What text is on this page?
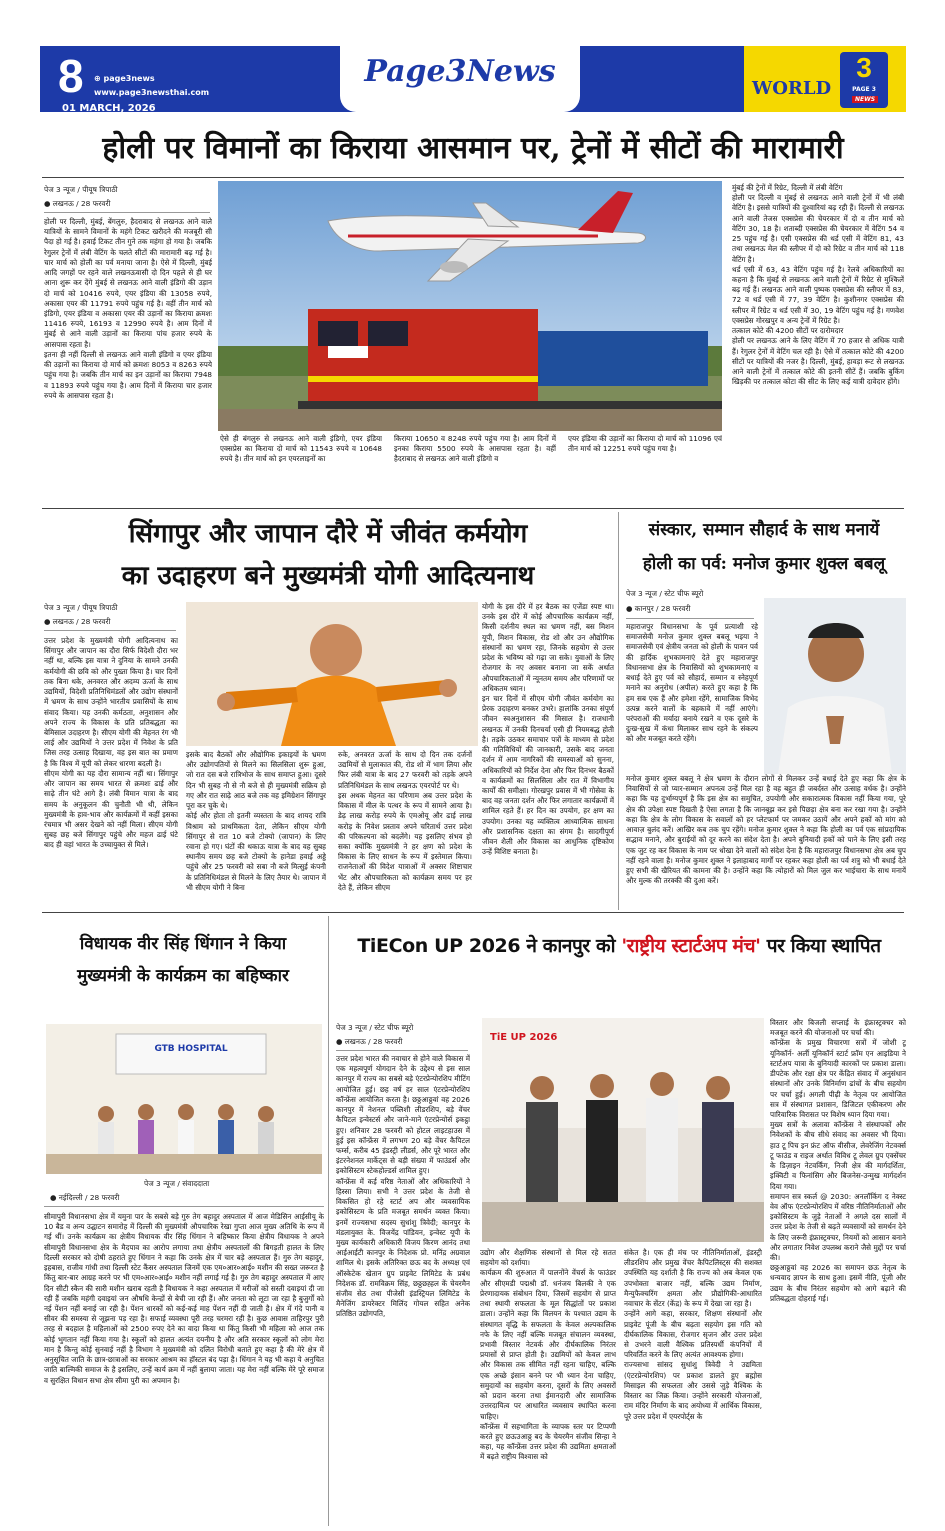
8 ⊕ page3news
www.page3newsthai.com
01 MARCH, 2026
Page3News	WORLD
3
PAGE 3
NEWS
होली पर विमानों का किराया आसमान पर, ट्रेनों में सीटों की मारामारी
पेज 3 न्यूज / पीयूष त्रिपाठी
● लखनऊ / 28 फरवरी
होली पर दिल्ली, मुंबई, बेंगलुरु, हैदराबाद से लखनऊ आने वाले यात्रियों के सामने विमानों के महंगे टिकट खरीदने की मजबूरी सी पैदा हो गई है। हवाई टिकट तीन गुने तक महंगा हो गया है। जबकि रेगुलर ट्रेनों में लंबी वेटिंग के चलते सीटों की मारामारी बढ़ गई है। चार मार्च को होली का पर्व मनाया जाना है। ऐसे में दिल्ली, मुंबई आदि जगहों पर रहने वाले लखनऊवासी दो दिन पहले से ही घर आना शुरू कर देंगे मुंबई से लखनऊ आने वाली इंडिगो की उड़ान दो मार्च को 10416 रुपये, एयर इंडिया की 13058 रुपये, अकासा एयर की 11791 रुपये पहुंच गई है। वहीं तीन मार्च को इंडिगो, एयर इंडिया व अकासा एयर की उड़ानों का किराया क्रमशः 11416 रुपये, 16193 व 12990 रुपये है। आम दिनों में मुंबई से आने वाली उड़ानों का किराया पांच हजार रुपये के आसपास रहता है।
इतना ही नहीं दिल्ली से लखनऊ आने वाली इंडिगो व एयर इंडिया की उड़ानों का किराया दो मार्च को क्रमशः 8053 व 8263 रुपये पहुंच गया है। जबकि तीन मार्च का इन उड़ानों का किराया 7948 व 11893 रुपये पहुंच गया है। आम दिनों में किराया चार हजार रुपये के आसपास रहता है।
ऐसे ही बंगलुरु से लखनऊ आने वाली इंडिगो, एयर इंडिया एक्सप्रेस का किराया दो मार्च को 11543 रुपये व 10648 रुपये है। तीन मार्च को इन एयरलाइनों का
किराया 10650 व 8248 रुपये पहुंच गया है। आम दिनों में इनका किराया 5500 रुपये के आसपास रहता है। वहीं हैदराबाद से लखनऊ आने वाली इंडिगो व
एयर इंडिया की उड़ानों का किराया दो मार्च को 11096 एवं तीन मार्च को 12251 रुपये पहुंच गया है।
मुंबई की ट्रेनों में रिग्रेट, दिल्ली में लंबी वेटिंग
होली पर दिल्ली व मुंबई से लखनऊ आने वाली ट्रेनों में भी लंबी वेटिंग है। इससे यात्रियों की दुश्वारियां बढ़ रही हैं। दिल्ली से लखनऊ आने वाली तेजस एक्सप्रेस की चेयरकार में दो व तीन मार्च को वेटिंग 30, 18 है। शताब्दी एक्सप्रेस की चेयरकार में वेटिंग 54 व 25 पहुंच गई है। एसी एक्सप्रेस की थर्ड एसी में वेटिंग 81, 43 तथा लखनऊ मेल की स्लीपर में दो को रिग्रेट व तीन मार्च को 118 वेटिंग है।
थर्ड एसी में 63, 43 वेटिंग पहुंच गई है। रेलवे अधिकारियों का कहना है कि मुंबई से लखनऊ आने वाली ट्रेनों में रिग्रेट से मुश्किलें बढ़ गई हैं। लखनऊ आने वाली पुष्पक एक्सप्रेस की स्लीपर में 83, 72 व थर्ड एसी में 77, 39 वेटिंग है। कुशीनगर एक्सप्रेस की स्लीपर में रिग्रेट व थर्ड एसी में 30, 19 वेटिंग पहुंच गई है। गणवेश एक्सप्रेस गोरखपुर व अन्य ट्रेनों में रिग्रेट है।
तत्काल कोटे की 4200 सीटों पर दारोमदार
होली पर लखनऊ आने के लिए वेटिंग में 70 हजार से अधिक यात्री हैं। रेगुलर ट्रेनों में वेटिंग चल रही है। ऐसे में तत्काल कोटे की 4200 सीटों पर यात्रियों की नजर है। दिल्ली, मुंबई, हावड़ा रूट से लखनऊ आने वाली ट्रेनों में तत्काल कोटे की इतनी सीटें हैं। जबकि बुकिंग खिड़की पर तत्काल कोटा की सीट के लिए कई यात्री दावेदार होंगे।
सिंगापुर और जापान दौरे में जीवंत कर्मयोग
का उदाहरण बने मुख्यमंत्री योगी आदित्यनाथ
पेज 3 न्यूज / पीयूष त्रिपाठी
● लखनऊ / 28 फरवरी
उत्तर प्रदेश के मुख्यमंत्री योगी आदित्यनाथ का सिंगापुर और जापान का दौरा सिर्फ विदेशी दौरा भर नहीं था, बल्कि इस यात्रा ने दुनिया के सामने उनकी कर्मयोगी की छवि को और पुख्ता किया है। चार दिनों तक बिना थके, अनवरत और अदम्य ऊर्जा के साथ उद्यमियों, विदेशी प्रतिनिधिमंडलों और उद्योग संस्थानों में भ्रमण के साथ उन्होंने भारतीय प्रवासियों के साथ संवाद किया। यह उनकी कर्मठता, अनुशासन और अपने राज्य के विकास के प्रति प्रतिबद्धता का बेमिसाल उदाहरण है। सीएम योगी की मेहनत रंग भी लाई और उद्यमियों ने उत्तर प्रदेश में निवेश के प्रति जिस तरह उत्साह दिखाया, वह इस बात का प्रमाण है कि विश्व में यूपी को लेकर धारणा बदली है।
सीएम योगी का यह दौरा सामान्य नहीं था। सिंगापुर और जापान का समय भारत से क्रमशः ढाई और साढ़े तीन घंटे आगे है। लंबी विमान यात्रा के बाद समय के अनुकूलन की चुनौती भी थी, लेकिन मुख्यमंत्री के हाव-भाव और कार्यक्रमों में कहीं इसका रंचमात्र भी असर देखने को नहीं मिला। सीएम योगी सुबह छह बजे सिंगापुर पहुंचे और महज ढाई घंटे बाद ही वहां भारत के उच्चायुक्त से मिले।
इसके बाद बैठकों और औद्योगिक इकाइयों के भ्रमण और उद्योगपतियों से मिलने का सिलसिला शुरू हुआ, जो रात दस बजे रात्रिभोज के साथ समाप्त हुआ। दूसरे दिन भी सुबह नौ से नौ बजे से ही मुख्यमंत्री सक्रिय हो गए और रात साढ़े आठ बजे तक वह इमिग्रेशन सिंगापुर पूरा कर चुके थे।
कोई और होता तो इतनी व्यस्तता के बाद शायद रात्रि विश्राम को प्राथमिकता देता, लेकिन सीएम योगी सिंगापुर से रात 10 बजे टोक्यो (जापान) के लिए रवाना हो गए। घंटों की थकाऊ यात्रा के बाद वह सुबह स्थानीय समय छह बजे टोक्यो के हानेडा हवाई अड्डे पहुंचे और 25 फरवरी को सबा नौ बजे मित्सुई कंपनी के प्रतिनिधिमंडल से मिलने के लिए तैयार थे। जापान में भी सीएम योगी ने बिना
रुके, अनवरत ऊर्जा के साथ दो दिन तक दर्जनों उद्यमियों से मुलाकात की, रोड शो में भाग लिया और फिर लंबी यात्रा के बाद 27 फरवरी को तड़के अपने प्रतिनिधिमंडल के साथ लखनऊ एयरपोर्ट पर थे।
इस अथक मेहनत का परिणाम अब उत्तर प्रदेश के विकास में मील के पत्थर के रूप में सामने आया है। डेढ़ लाख करोड़ रुपये के एमओयू और ढाई लाख करोड़ के निवेश प्रस्ताव अपने चरितार्थ उत्तर प्रदेश की परिकल्पना को बदलेंगे। यह इसलिए संभव हो सका क्योंकि मुख्यमंत्री ने हर क्षण को प्रदेश के विकास के लिए साधन के रूप में इस्तेमाल किया। राजनेताओं की विदेश यात्राओं में अक्सर शिष्टाचार भेंट और औपचारिकता को कार्यक्रम समय पर हर देते हैं, लेकिन सीएम
योगी के इस दौरे में हर बैठक का एजेंडा स्पष्ट था। उनके इस दौरे में कोई औपचारिक कार्यक्रम नहीं, किसी दर्शनीय स्थल का भ्रमण नहीं, बस मिशन यूपी, मिशन विकास, रोड शो और उन औद्योगिक संस्थानों का भ्रमण रहा, जिनके सहयोग से उत्तर प्रदेश के भविष्य को गढ़ा जा सके। युवाओं के लिए रोजगार के नए अवसर बनाना जा सकें अर्थात औपचारिकताओं में न्यूनतम समय और परिणामों पर अधिकतम ध्यान।
इन चार दिनों में सीएम योगी जीवंत कर्मयोग का प्रेरक उदाहरण बनकर उभरे। हालांकि उनका संपूर्ण जीवन स्वअनुशासन की मिसाल है। राजधानी लखनऊ में उनकी दिनचर्या एसी ही नियमबद्ध होती है। तड़के उठकर समाचार पत्रों के माध्यम से प्रदेश की गतिविधियों की जानकारी, उसके बाद जनता दर्शन में आम नागरिकों की समस्याओं को सुनना, अधिकारियों को निर्देश देना और फिर दिनभर बैठकों व कार्यक्रमों का सिलसिला और रात में विभागीय कार्यों की समीक्षा। गोरखपुर प्रवास में भी गोसेवा के बाद वह जनता दर्शन और फिर लगातार कार्यक्रमों में शामिल रहते हैं। हर दिन का उपयोग, हर क्षण का उपयोग। उनका यह व्यक्तित्व आध्यात्मिक साधना और प्रशासनिक दक्षता का संगम है। सादगीपूर्ण जीवन शैली और विकास का आधुनिक दृष्टिकोण उन्हें विशिष्ट बनाता है।
संस्कार, सम्मान सौहार्द के साथ मनायें
होली का पर्व: मनोज कुमार शुक्ल बबलू
पेज 3 न्यूज / स्टेट चीफ ब्यूरो
● कानपुर / 28 फरवरी
महाराजपुर विधानसभा के पूर्व प्रत्याशी रहे समाजसेवी मनोज कुमार शुक्ल बबलू भइया ने समाजसेवी एवं क्षेत्रीय जनता को होली के पावन पर्व की हार्दिक शुभकामनाएं देते हुए महाराजपुर विधानसभा क्षेत्र के निवासियों को शुभकामनाएं व बधाई देते हुए पर्व को सौहार्द, सम्मान व स्नेहपूर्ण मनाने का अनुरोध (अपील) करते हुए कहा है कि हम सब एक हैं और हमेशा रहेंगे, सामाजिक विभेद उत्पन्न करने वालों के बहकावे में नहीं आएंगे। परंपराओं की मर्यादा बनाये रखने व एक दूसरे के दुःख-सुख में कंधा मिलाकर साथ रहने के संकल्प को और मजबूत करते रहेंगे।
मनोज कुमार शुक्ल बबलू ने क्षेत्र भ्रमण के दौरान लोगों से मिलकर उन्हें बधाई देते हुए कहा कि क्षेत्र के निवासियों से जो प्यार-सम्मान अपनत्व उन्हें मिल रहा है वह बहुत ही जबर्दस्त और उत्साह वर्धक है। उन्होंने कहा कि यह दुर्भाग्यपूर्ण है कि इस क्षेत्र का समुचित, उपयोगी और सकारात्मक विकास नहीं किया गया, पूरे क्षेत्र की उपेक्षा स्पष्ट दिखती है ऐसा लगता है कि जानबूझ कर इसे पिछड़ा क्षेत्र बना कर रखा गया है। उन्होंने कहा कि क्षेत्र के लोग विकास के सवालों को हर प्लेटफार्म पर जमकर उठायें और अपने हकों को मांग को आवाज़ बुलंद करें। आखिर कब तक चुप रहेंगे। मनोज कुमार शुक्ल ने कहा कि होली का पर्व एक सांप्रदायिक सद्भाव मनाने, और बुराईयों को दूर करने का संदेश देता है। अपने बुनियादी हकों को पाने के लिए इसी तरह एक जुट रह कर विकास के नाम पर धोखा देने वालों को संदेश देना है कि महाराजपुर विधानसभा क्षेत्र अब चुप नहीं रहने वाला है। मनोज कुमार शुक्ल ने इलाहाबाद मार्गों पर रहकर कहा होली का पर्व शत्रु को भी बधाई देते हुए सभी की खैरियत की कामना की है। उन्होंने कहा कि त्योहारों को मिल जुल कर भाईचारा के साथ मनायें और मुल्क की तरक्की की दुआ करें।
विधायक वीर सिंह धिंगान ने किया
मुख्यमंत्री के कार्यक्रम का बहिष्कार
GTB HOSPITAL
पेज 3 न्यूज / संवाददाता
● नईदिल्ली / 28 फरवरी
सीमापुरी विधानसभा क्षेत्र में यमुना पार के सबसे बड़े गुरु तेग बहादुर अस्पताल में आज मेडिसिन आईसीयू के 10 बैड व अन्य उद्घाटन समारोह में दिल्ली की मुख्यमंत्री औपचारिक रेखा गुप्ता आज मुख्य अतिथि के रूप में गई थीं। उनके कार्यक्रम का क्षेत्रीय विधायक वीर सिंह धिंगान ने बहिष्कार किया क्षेत्रीय विधायक ने अपने सीमापुरी विधानसभा क्षेत्र के मैदपाव का आरोप लगाया तथा क्षेत्रीय अस्पतालों की बिगड़ती हालत के लिए दिल्ली सरकार को दोषी ठहराते हुए धिंगान ने कहा कि उनके क्षेत्र में चार बड़े अस्पताल हैं। गुरु तेग बहादुर, इहबास, राजीव गांधी तथा दिल्ली स्टेट कैंसर अस्पताल जिनमें एक एम०आर०आई० मशीन की सख्त जरूरत है किंतु बार-बार आग्रह करने पर भी एम०आर०आई० मशीन नहीं लगाई गई है। गुरु तेग बहादुर अस्पताल में आए दिन सीटी स्कैन की सारी मशीन खराब रहती है विधायक ने कहा अस्पताल में मरीजों को सस्ती दवाइयां दी जा रही हैं जबकि महंगी दवाइयां जन औषधि केन्द्रों से बेची जा रही हैं। और जनता को लूटा जा रहा है बुजुर्गों को नई पेंशन नहीं बनाई जा रही है। पेंशन धारकों को कई-कई माह पेंशन नहीं दी जाती है। क्षेत्र में गंदे पानी व सीवर की समस्या से जूझना पड़ रहा है। सफाई व्यवस्था पूरी तरह चरमरा रही है। कुछ आवास ताहिरपुर पुरी तरह से बदहाल है महिलाओं को 2500 रुपए देने का वादा किया था किंतु किसी भी महिला को आज तक कोई भुगतान नहीं किया गया है। स्कूलों को हालत अत्यंत दयनीय है और अति सरकार स्कूलों को लोग मेरा मान है किन्तु कोई सुनवाई नहीं है विभाग ने मुख्यमंत्री को दलित विरोधी बताते हुए कहा है की मेरे क्षेत्र में अनुसूचित जाति के छात्र-छात्राओं का सरकार आश्रम का हॉस्टल बंद पड़ा है। धिंगान ने यह भी कहा ये अनुचित जाति बाल्मिकी समाज के है इसलिए, उन्हें कार्य क्रम में नहीं बुलाया जाता। यह मेरा नहीं बल्कि मेरे पूरे समाज व सुरक्षित विधान सभा क्षेत्र सीमा पुरी का अपमान है।
TiECon UP 2026 ने कानपुर को 'राष्ट्रीय स्टार्टअप मंच' पर किया स्थापित
पेज 3 न्यूज / स्टेट चीफ ब्यूरो
● लखनऊ / 28 फरवरी
उत्तर प्रदेश भारत की नवाचार से होने वाले विकास में एक महत्वपूर्ण योगदान देने के उद्देश्य से इस साल कानपुर में राज्य का सबसे बड़े एंटरप्रेन्योरशिप मीटिंग आयोजित हुई। छह वर्ष हर साल एंटरप्रेन्योरशिप कॉन्फ्रेंस आयोजित करता है। छठ्ठआठ्ठवां वह 2026 कानपुर में नेशनल पब्लिशी लीडरशिप, बड़े वेंचर कैपिटल इन्वेस्टर्स और जाने-माने एंटरप्रेन्योर्स इकट्ठा हुए। शनिवार 28 फरवरी को होटल लाइटहाउस में हुई इस कॉन्फ्रेंस में लगभग 20 बड़े वेंचर कैपिटल फर्म्स, करीब 45 इंडस्ट्री लीडर्स, और पूरे भारत और इंटरनेशनल मार्केट्स से बड़ी संख्या में फाउंडर्स और इकोसिस्टम स्टेकहोल्डर्स शामिल हुए।
कॉन्फ्रेंस में कई वरिष्ठ नेताओं और अधिकारियों ने हिस्सा लिया। सभी ने उत्तर प्रदेश के तेजी से विकसित हो रहे स्टार्ट अप और व्यवसायिक इकोसिस्टम के प्रति मजबूत समर्थन व्यक्त किया। इनमें राज्यसभा सदस्य सुधांशु त्रिवेदी; कानपुर के मंडलायुक्त के. विजयेंद्र पांडियन, इन्वेस्ट यूपी के मुख्य कार्यकारी अधिकारी विजय किरण आनंद तथा आईआईटी कानपुर के निदेशक प्रो. मनिंद्र अग्रवाल शामिल थे। इसके अतिरिक्त छऊ बद के अध्यक्ष एवं ऑस्केटेक खेतान ग्रुप प्राइवेट लिमिटेड के प्रबंध निदेशक डॉ. रामविक्रम सिंह, छठ्ठछह्हल कें चेयरमैन संजीव सेठ तथा पीजेसी इंडस्ट्रियल लिमिटेड के मैनेजिंग डायरेक्टर मिलिंद गोयल सहित अनेक प्रतिष्ठित उद्योगपति,
TiE UP 2026
उद्योग और शैक्षणिक संस्थानों से मिल रहे सतत सहयोग को दर्शाया।
कार्यक्रम की शुरुआत में पालनोंने वेंचर्स के फाउंडर और सीएमडी पद्मश्री डॉ. धनंजय बिलकी ने एक प्रेरणादायक संबोधन दिया, जिसमें सहयोग से प्राप्त तथा स्थायी सफलता के मूल सिद्धांतों पर प्रकाश डाला। उन्होंने कहा कि विलयन के पश्चात उद्यम के संस्थागत वृद्धि के सफलता के केवल अल्पकालिक नफे के लिए नहीं बल्कि मजबूत संचालन व्यवस्था, प्रभावी विस्तार नेटवर्क और दीर्घकालिक निरंतर प्रयासों से प्राप्त होती है। उद्यमियों को केवल लाभ और विकास तक सीमित नहीं रहना चाहिए, बल्कि एक अच्छे इंसान बनने पर भी ध्यान देना चाहिए, समुदायों का सहयोग करना, दूसरों के लिए अवसरों को प्रदान करना तथा ईमानदारी और सामाजिक उत्तरदायित्व पर आधारित व्यवसाय स्थापित करना चाहिए।
कॉन्फ्रेंस में सहभागिता के व्यापक स्तर पर टिप्पणी करते हुए छऊउआठ्ठ बद के चेयरमैन संजीव सिन्हा ने कहा, यह कॉन्फ्रेंस उत्तर प्रदेश की उद्यमिता क्षमताओं में बढ़ते राष्ट्रीय विश्वास को
संकेत है। एक ही मंच पर नीतिनिर्माताओं, इंडस्ट्री लीडरशिप और प्रमुख वेंचर कैपिटलिस्ट्स की सशक्त उपस्थिति यह दर्शाती है कि राज्य को अब केवल एक उपभोक्ता बाजार नहीं, बल्कि उद्यम निर्माण, मैन्युफैक्चरिंग क्षमता और प्रौद्योगिकी-आधारित नवाचार के सेंटर (केंद्र) के रूप में देखा जा रहा है।
उन्होंने आगे कहा, सरकार, शिक्षण संस्थानों और प्राइवेट पूंजी के बीच बढ़ता सहयोग इस गति को दीर्घकालिक विकास, रोजगार सृजन और उत्तर प्रदेश से उभरने वाली वैश्विक प्रतिस्पर्धी कंपनियों में परिवर्तित करने के लिए अत्यंत आवश्यक होगा।
राज्यसभा सांसद सुधांशु त्रिवेदी ने उद्यमिता (एंटरप्रेन्योरशिप) पर प्रकाश डालते हुए ब्रह्मोस मिसाइल की सफलता और उससे जुड़े वैश्विक के विस्तार का जिक्र किया। उन्होंने सरकारी योजनाओं, राम मंदिर निर्माण के बाद अयोध्या में आर्थिक विकास, पूरे उत्तर प्रदेश में एयरपोर्ट्स के
विस्तार और बिजली सप्लाई के इंफ्रास्ट्रक्चर को मजबूत करने की योजनाओं पर चर्चा की।
कॉन्फ्रेंस के प्रमुख विचारणा सत्रों में जोशी टू यूनिकॉर्न- अर्ली यूनिकॉर्न स्टार्ट फ्रॉम एन आइडिया ने स्टार्टअप यात्रा के बुनियादी कारकों पर प्रकाश डाला। डीपटेक और रक्षा क्षेत्र पर केंद्रित संवाद में अनुसंधान संस्थानों और उनके विनिर्माण ढांचों के बीच सहयोग पर चर्चा हुई। अगली पीढ़ी के नेतृत्व पर आयोजित सत्र में संस्थागत प्रशासन, डिजिटल एकीकरण और पारिवारिक विरासत पर विशेष ध्यान दिया गया।
मुख्य सत्रों के अलावा कॉन्फ्रेंस ने संस्थापकों और निवेशकों के बीच सीधे संवाद का अवसर भी दिया। हाउ टू पिच इन फ्रंट ऑफ वीसीज, लेवरेजिंग नेटवर्क्स टू फाउंड व राइज अर्थात विविध टू लेवल ग्रुप एक्सेंचर के डिज़ाइन नेटवर्किंग, निजी क्षेत्र की मार्गदर्शिता, इक्विटी व फिनांसिग और बिजनेस-उन्मुख मार्गदर्शन दिया गया।
समापन सत्र स्कर्ल @ 2030: अनलॉकिंग द नेक्स्ट वेव ऑफ एंटरप्रेन्योरशिप में वरिष्ठ नीतिनिर्माताओं और इकोसिस्टम के जुड़े नेताओं ने अगले दस सालों में उत्तर प्रदेश के तेजी से बढ़ते व्यवसायों को समर्थन देने के लिए जरूरी इंफ्रास्ट्रक्चर, नियमों को आसान बनाने और लगातार निवेश उपलब्ध कराने जैसे मुद्दों पर चर्चा की।
छठ्ठआठ्ठवां वह 2026 का समापन छऊ नेतृत्व के धन्यवाद ज्ञापन के साथ हुआ। इसमें नीति, पूंजी और उद्यम के बीच निरंतर सहयोग को आगे बढ़ाने की प्रतिबद्धता दोहराई गई।
